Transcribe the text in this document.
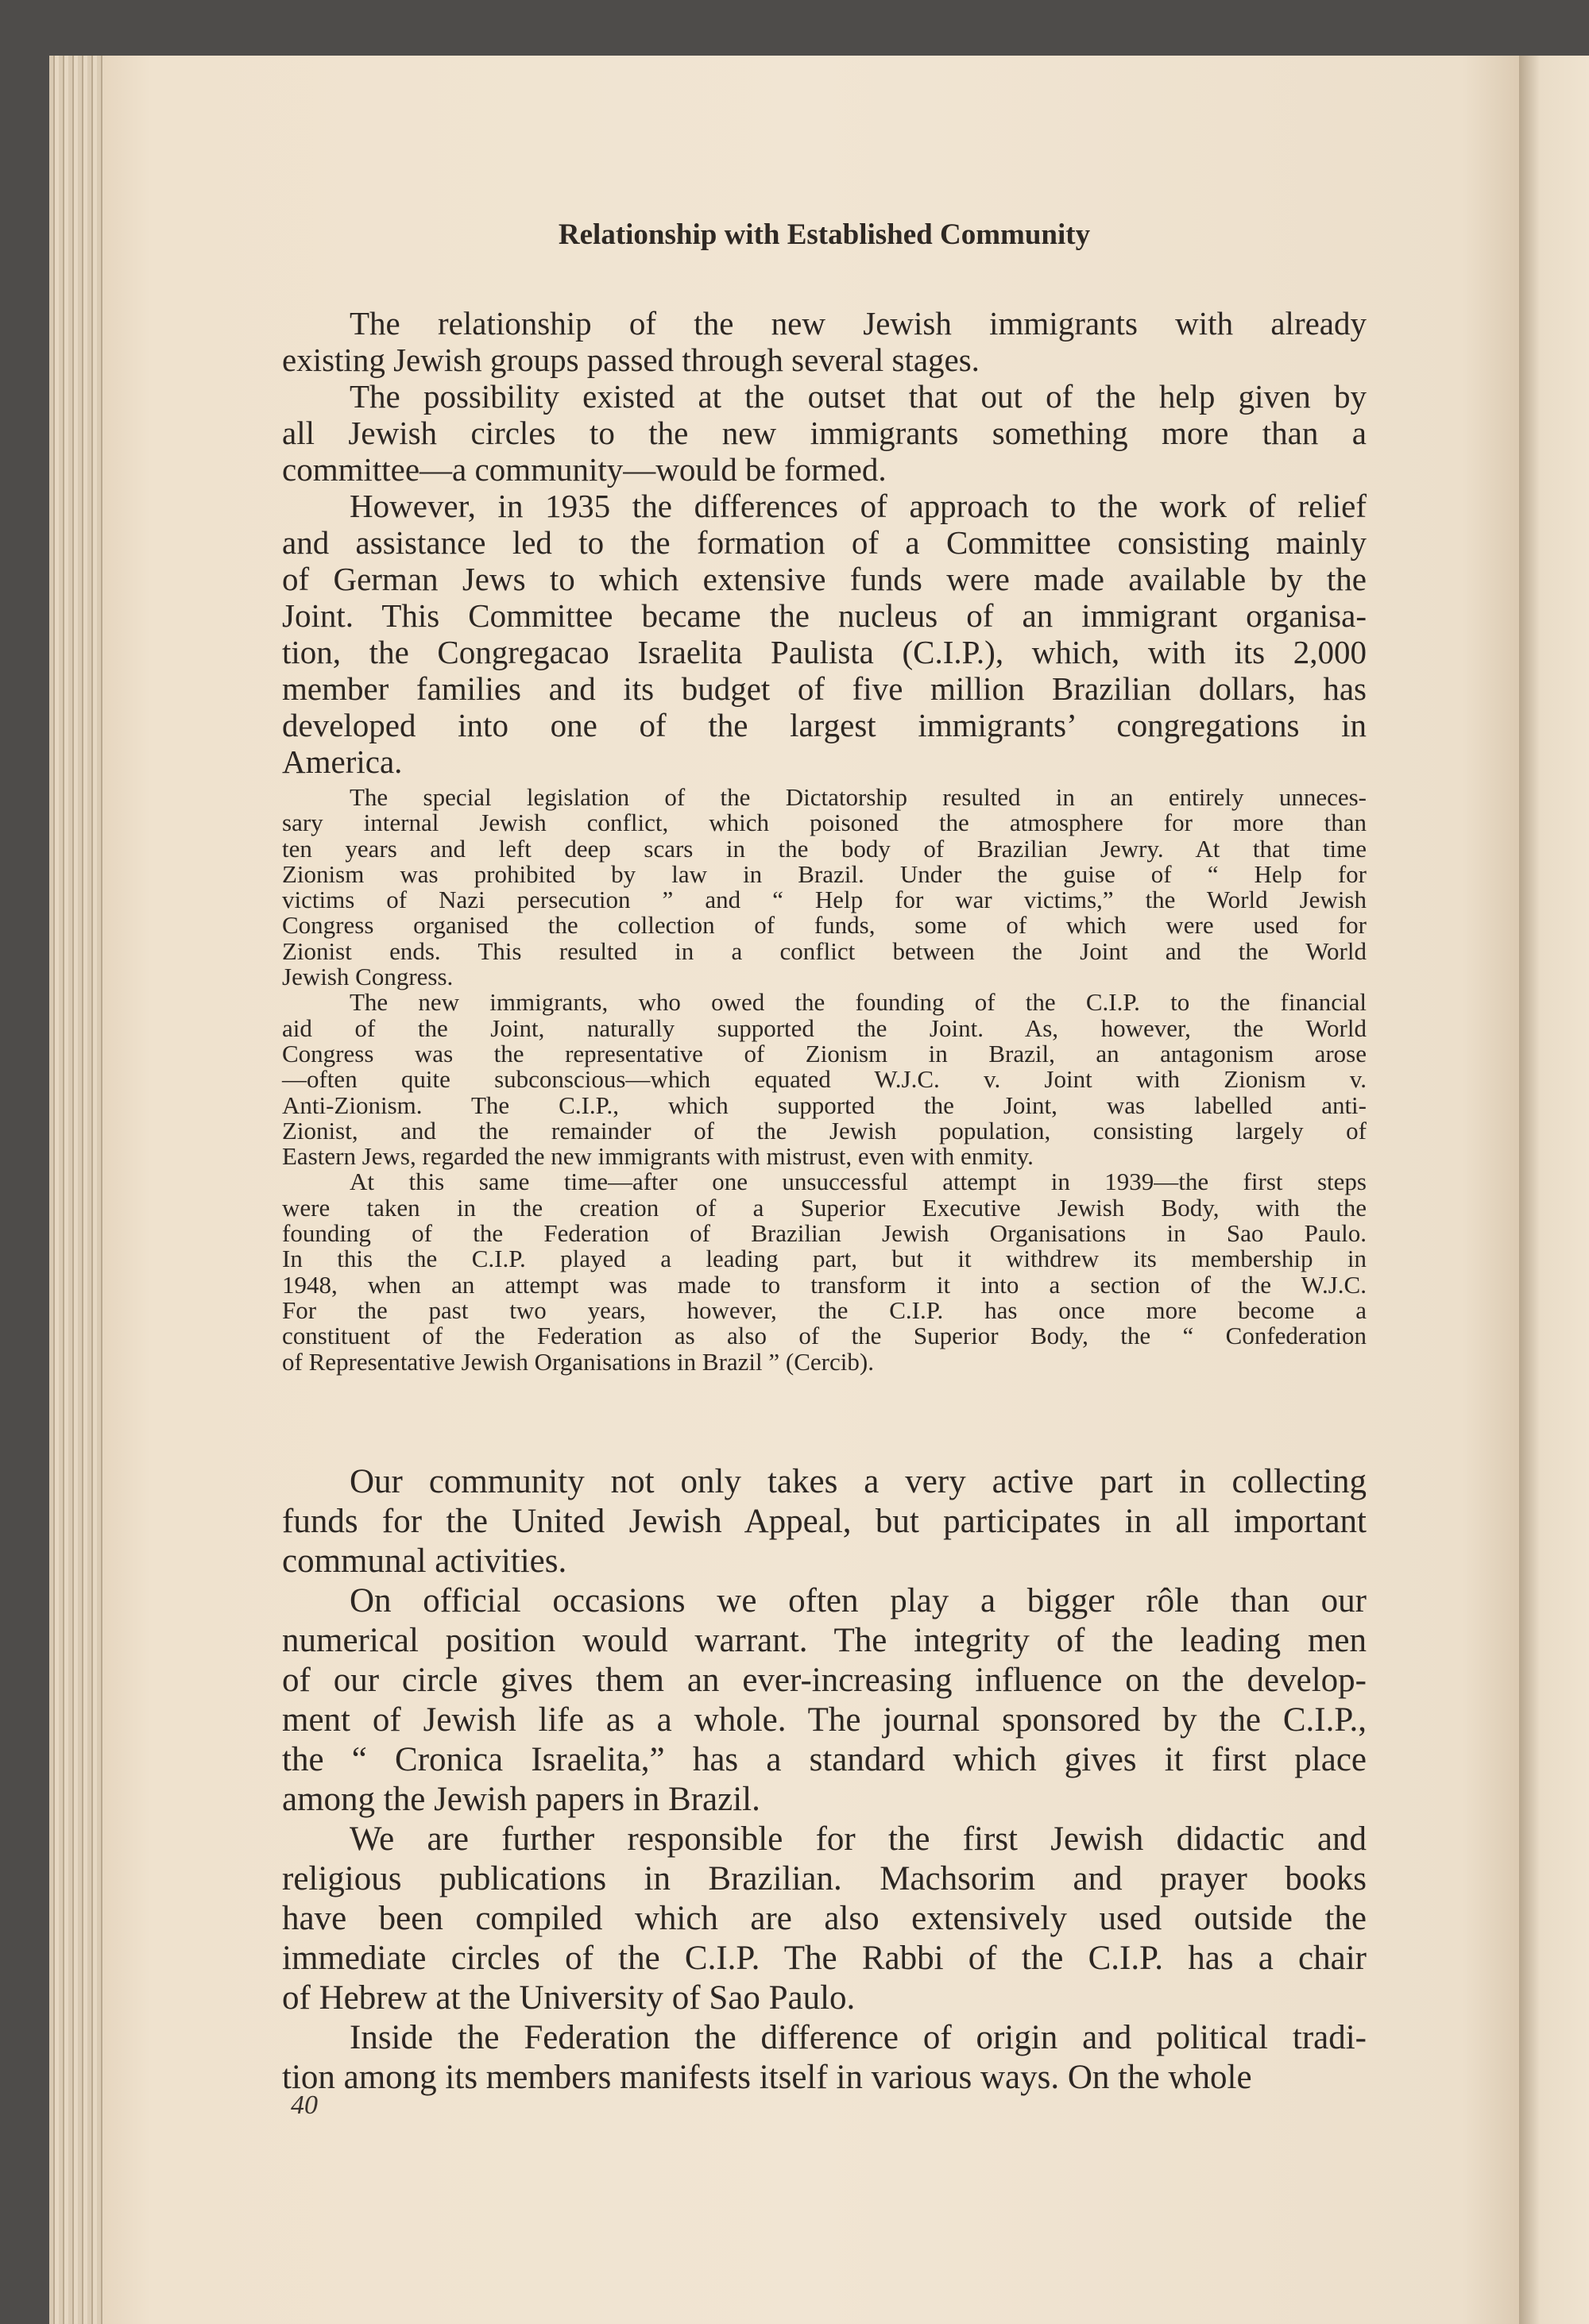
Relationship with Established Community
The relationship of the new Jewish immigrants with already
existing Jewish groups passed through several stages.
The possibility existed at the outset that out of the help given by
all Jewish circles to the new immigrants something more than a
committee—a community—would be formed.
However, in 1935 the differences of approach to the work of relief
and assistance led to the formation of a Committee consisting mainly
of German Jews to which extensive funds were made available by the
Joint. This Committee became the nucleus of an immigrant organisa-
tion, the Congregacao Israelita Paulista (C.I.P.), which, with its 2,000
member families and its budget of five million Brazilian dollars, has
developed into one of the largest immigrants’ congregations in
America.
The special legislation of the Dictatorship resulted in an entirely unneces-
sary internal Jewish conflict, which poisoned the atmosphere for more than
ten years and left deep scars in the body of Brazilian Jewry. At that time
Zionism was prohibited by law in Brazil. Under the guise of “ Help for
victims of Nazi persecution ” and “ Help for war victims,” the World Jewish
Congress organised the collection of funds, some of which were used for
Zionist ends. This resulted in a conflict between the Joint and the World
Jewish Congress.
The new immigrants, who owed the founding of the C.I.P. to the financial
aid of the Joint, naturally supported the Joint. As, however, the World
Congress was the representative of Zionism in Brazil, an antagonism arose
—often quite subconscious—which equated W.J.C. v. Joint with Zionism v.
Anti-Zionism. The C.I.P., which supported the Joint, was labelled anti-
Zionist, and the remainder of the Jewish population, consisting largely of
Eastern Jews, regarded the new immigrants with mistrust, even with enmity.
At this same time—after one unsuccessful attempt in 1939—the first steps
were taken in the creation of a Superior Executive Jewish Body, with the
founding of the Federation of Brazilian Jewish Organisations in Sao Paulo.
In this the C.I.P. played a leading part, but it withdrew its membership in
1948, when an attempt was made to transform it into a section of the W.J.C.
For the past two years, however, the C.I.P. has once more become a
constituent of the Federation as also of the Superior Body, the “ Confederation
of Representative Jewish Organisations in Brazil ” (Cercib).
Our community not only takes a very active part in collecting
funds for the United Jewish Appeal, but participates in all important
communal activities.
On official occasions we often play a bigger rôle than our
numerical position would warrant. The integrity of the leading men
of our circle gives them an ever-increasing influence on the develop-
ment of Jewish life as a whole. The journal sponsored by the C.I.P.,
the “ Cronica Israelita,” has a standard which gives it first place
among the Jewish papers in Brazil.
We are further responsible for the first Jewish didactic and
religious publications in Brazilian. Machsorim and prayer books
have been compiled which are also extensively used outside the
immediate circles of the C.I.P. The Rabbi of the C.I.P. has a chair
of Hebrew at the University of Sao Paulo.
Inside the Federation the difference of origin and political tradi-
tion among its members manifests itself in various ways. On the whole
40
